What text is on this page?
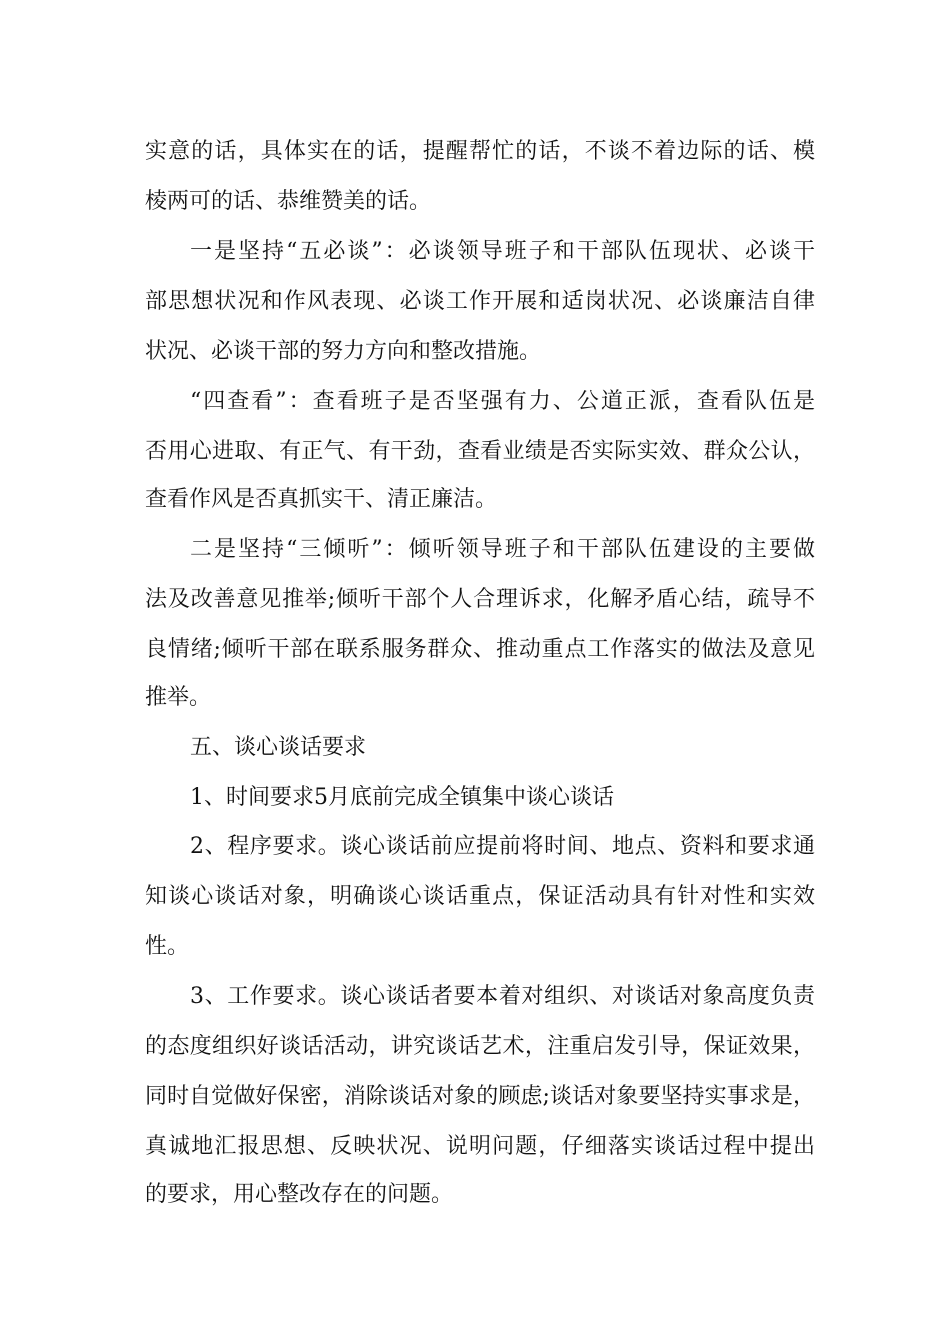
实意的话，具体实在的话，提醒帮忙的话，不谈不着边际的话、模
棱两可的话、恭维赞美的话。
一是坚持“五必谈”：必谈领导班子和干部队伍现状、必谈干
部思想状况和作风表现、必谈工作开展和适岗状况、必谈廉洁自律
状况、必谈干部的努力方向和整改措施。
“四查看”：查看班子是否坚强有力、公道正派，查看队伍是
否用心进取、有正气、有干劲，查看业绩是否实际实效、群众公认，
查看作风是否真抓实干、清正廉洁。
二是坚持“三倾听”：倾听领导班子和干部队伍建设的主要做
法及改善意见推举;倾听干部个人合理诉求，化解矛盾心结，疏导不
良情绪;倾听干部在联系服务群众、推动重点工作落实的做法及意见
推举。
五、谈心谈话要求
1、时间要求5月底前完成全镇集中谈心谈话
2、程序要求。谈心谈话前应提前将时间、地点、资料和要求通
知谈心谈话对象，明确谈心谈话重点，保证活动具有针对性和实效
性。
3、工作要求。谈心谈话者要本着对组织、对谈话对象高度负责
的态度组织好谈话活动，讲究谈话艺术，注重启发引导，保证效果，
同时自觉做好保密，消除谈话对象的顾虑;谈话对象要坚持实事求是，
真诚地汇报思想、反映状况、说明问题，仔细落实谈话过程中提出
的要求，用心整改存在的问题。
